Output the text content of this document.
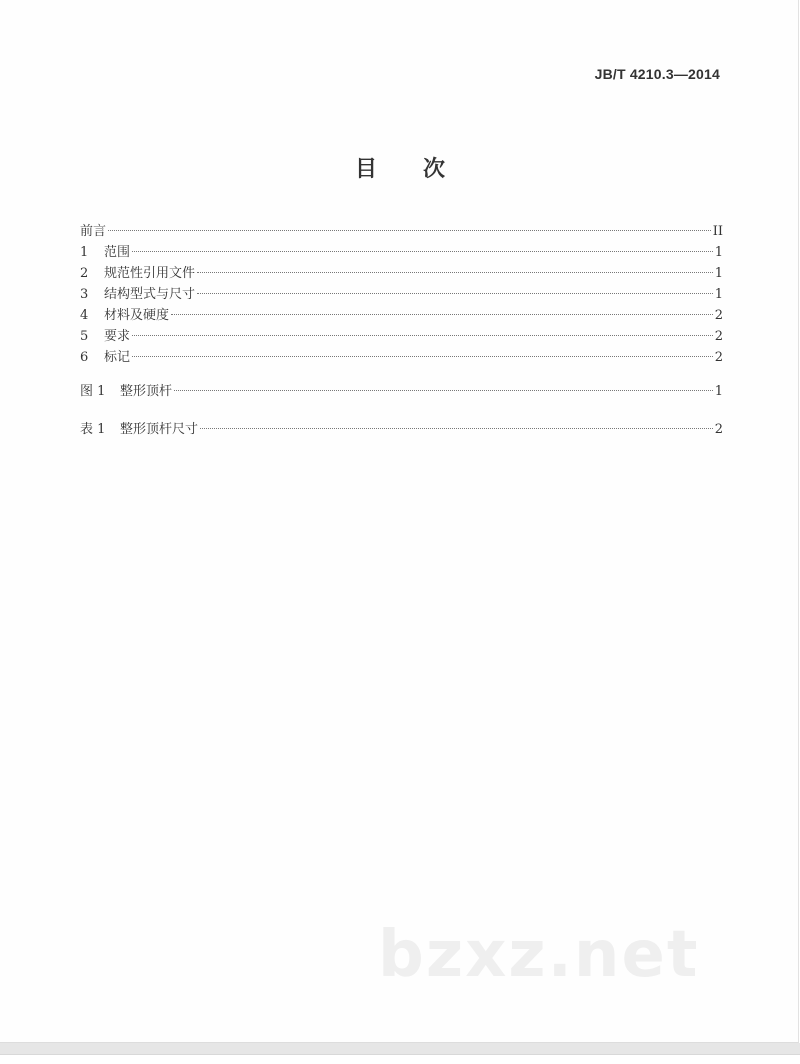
JB/T 4210.3—2014
目 次
前言	II
1	范围	1
2	规范性引用文件	1
3	结构型式与尺寸	1
4	材料及硬度	2
5	要求	2
6	标记	2
图 1	整形顶杆	1
表 1	整形顶杆尺寸	2
bzxz.net
